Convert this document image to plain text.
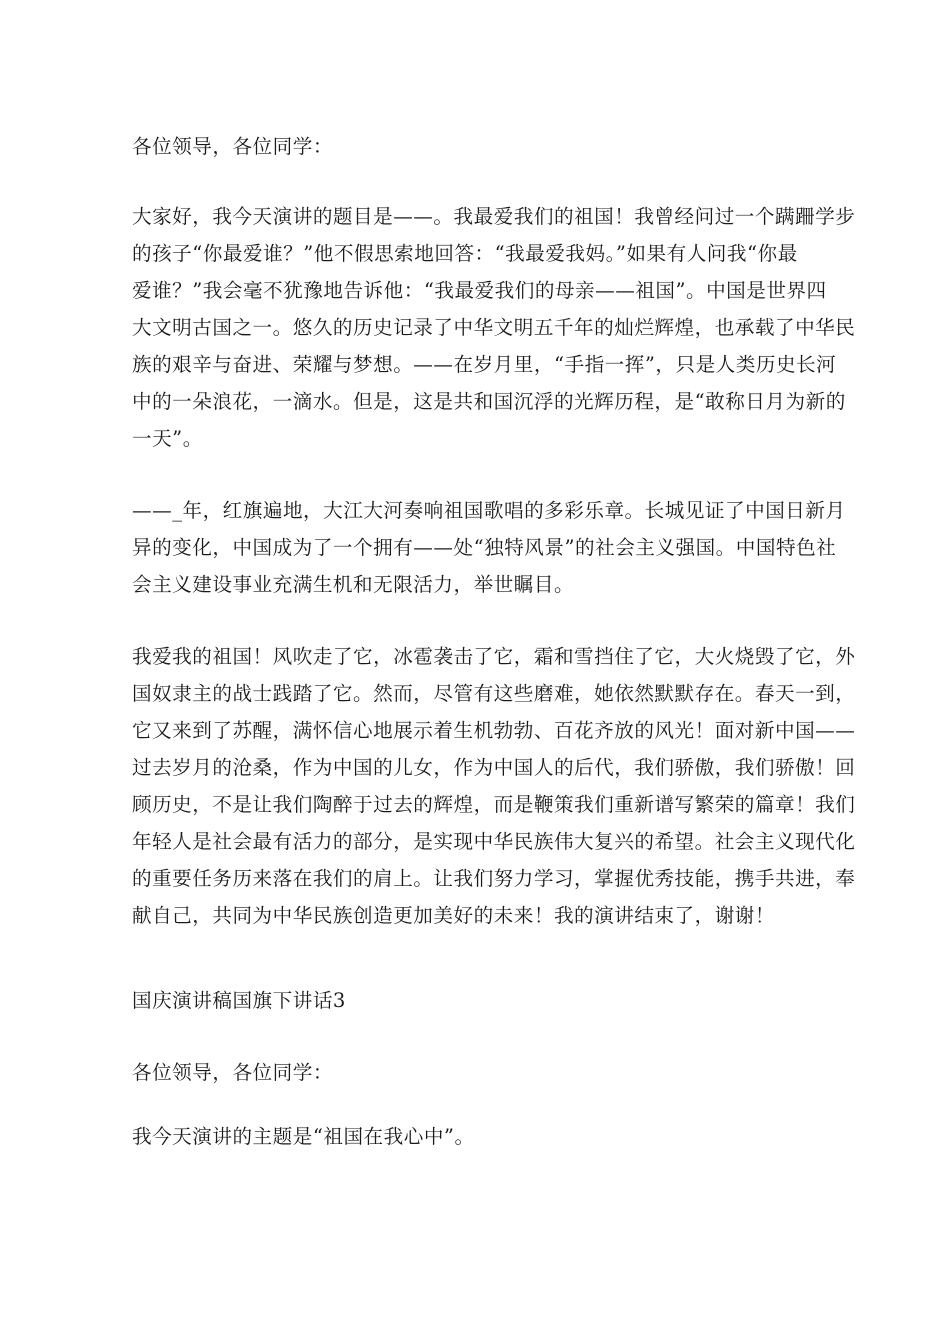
各位领导，各位同学：

大家好，我今天演讲的题目是——。我最爱我们的祖国！我曾经问过一个蹒跚学步
的孩子“你最爱谁？”他不假思索地回答：“我最爱我妈。”如果有人问我“你最
爱谁？”我会毫不犹豫地告诉他：“我最爱我们的母亲——祖国”。中国是世界四
大文明古国之一。悠久的历史记录了中华文明五千年的灿烂辉煌，也承载了中华民
族的艰辛与奋进、荣耀与梦想。——在岁月里，“手指一挥”，只是人类历史长河
中的一朵浪花，一滴水。但是，这是共和国沉浮的光辉历程，是“敢称日月为新的
一天”。

——_年，红旗遍地，大江大河奏响祖国歌唱的多彩乐章。长城见证了中国日新月
异的变化，中国成为了一个拥有——处“独特风景”的社会主义强国。中国特色社
会主义建设事业充满生机和无限活力，举世瞩目。

我爱我的祖国！风吹走了它，冰雹袭击了它，霜和雪挡住了它，大火烧毁了它，外
国奴隶主的战士践踏了它。然而，尽管有这些磨难，她依然默默存在。春天一到，
它又来到了苏醒，满怀信心地展示着生机勃勃、百花齐放的风光！面对新中国——
过去岁月的沧桑，作为中国的儿女，作为中国人的后代，我们骄傲，我们骄傲！回
顾历史，不是让我们陶醉于过去的辉煌，而是鞭策我们重新谱写繁荣的篇章！我们
年轻人是社会最有活力的部分，是实现中华民族伟大复兴的希望。社会主义现代化
的重要任务历来落在我们的肩上。让我们努力学习，掌握优秀技能，携手共进，奉
献自己，共同为中华民族创造更加美好的未来！我的演讲结束了，谢谢！

国庆演讲稿国旗下讲话3

各位领导，各位同学：

我今天演讲的主题是“祖国在我心中”。
